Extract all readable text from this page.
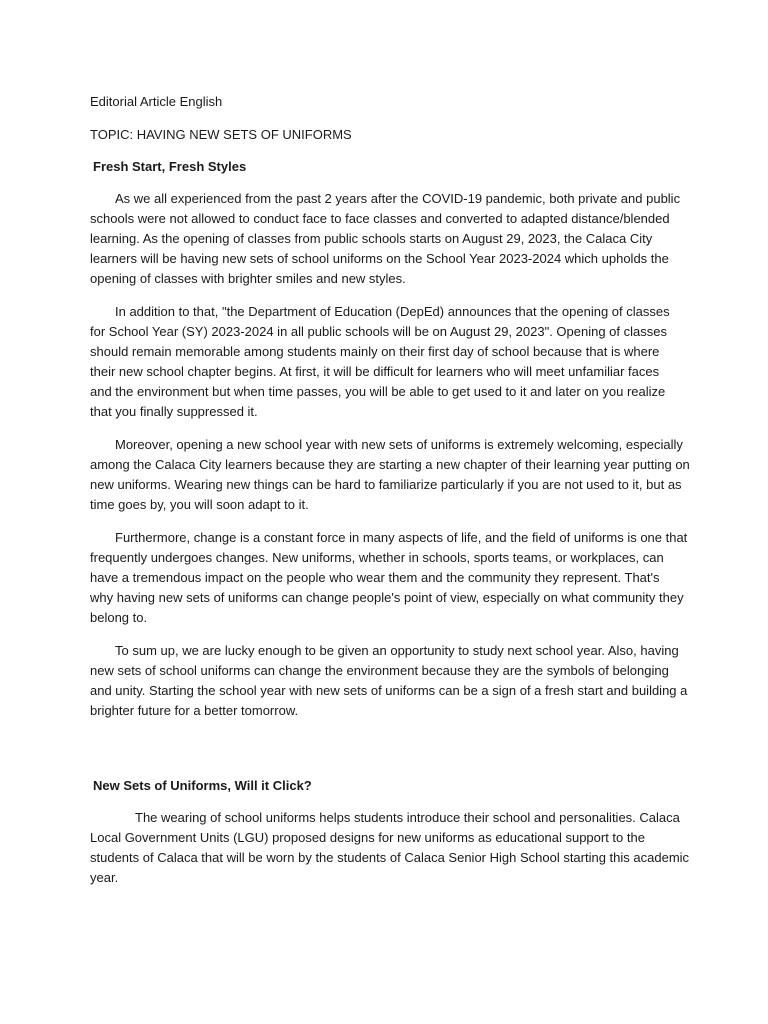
Editorial Article English

TOPIC: HAVING NEW SETS OF UNIFORMS

Fresh Start, Fresh Styles

As we all experienced from the past 2 years after the COVID-19 pandemic, both private and public
schools were not allowed to conduct face to face classes and converted to adapted distance/blended
learning. As the opening of classes from public schools starts on August 29, 2023, the Calaca City
learners will be having new sets of school uniforms on the School Year 2023-2024 which upholds the
opening of classes with brighter smiles and new styles.

In addition to that, "the Department of Education (DepEd) announces that the opening of classes
for School Year (SY) 2023-2024 in all public schools will be on August 29, 2023". Opening of classes
should remain memorable among students mainly on their first day of school because that is where
their new school chapter begins. At first, it will be difficult for learners who will meet unfamiliar faces
and the environment but when time passes, you will be able to get used to it and later on you realize
that you finally suppressed it.

Moreover, opening a new school year with new sets of uniforms is extremely welcoming, especially
among the Calaca City learners because they are starting a new chapter of their learning year putting on
new uniforms. Wearing new things can be hard to familiarize particularly if you are not used to it, but as
time goes by, you will soon adapt to it.

Furthermore, change is a constant force in many aspects of life, and the field of uniforms is one that
frequently undergoes changes. New uniforms, whether in schools, sports teams, or workplaces, can
have a tremendous impact on the people who wear them and the community they represent. That's
why having new sets of uniforms can change people's point of view, especially on what community they
belong to.

To sum up, we are lucky enough to be given an opportunity to study next school year. Also, having
new sets of school uniforms can change the environment because they are the symbols of belonging
and unity. Starting the school year with new sets of uniforms can be a sign of a fresh start and building a
brighter future for a better tomorrow.

New Sets of Uniforms, Will it Click?

The wearing of school uniforms helps students introduce their school and personalities. Calaca
Local Government Units (LGU) proposed designs for new uniforms as educational support to the
students of Calaca that will be worn by the students of Calaca Senior High School starting this academic
year.
